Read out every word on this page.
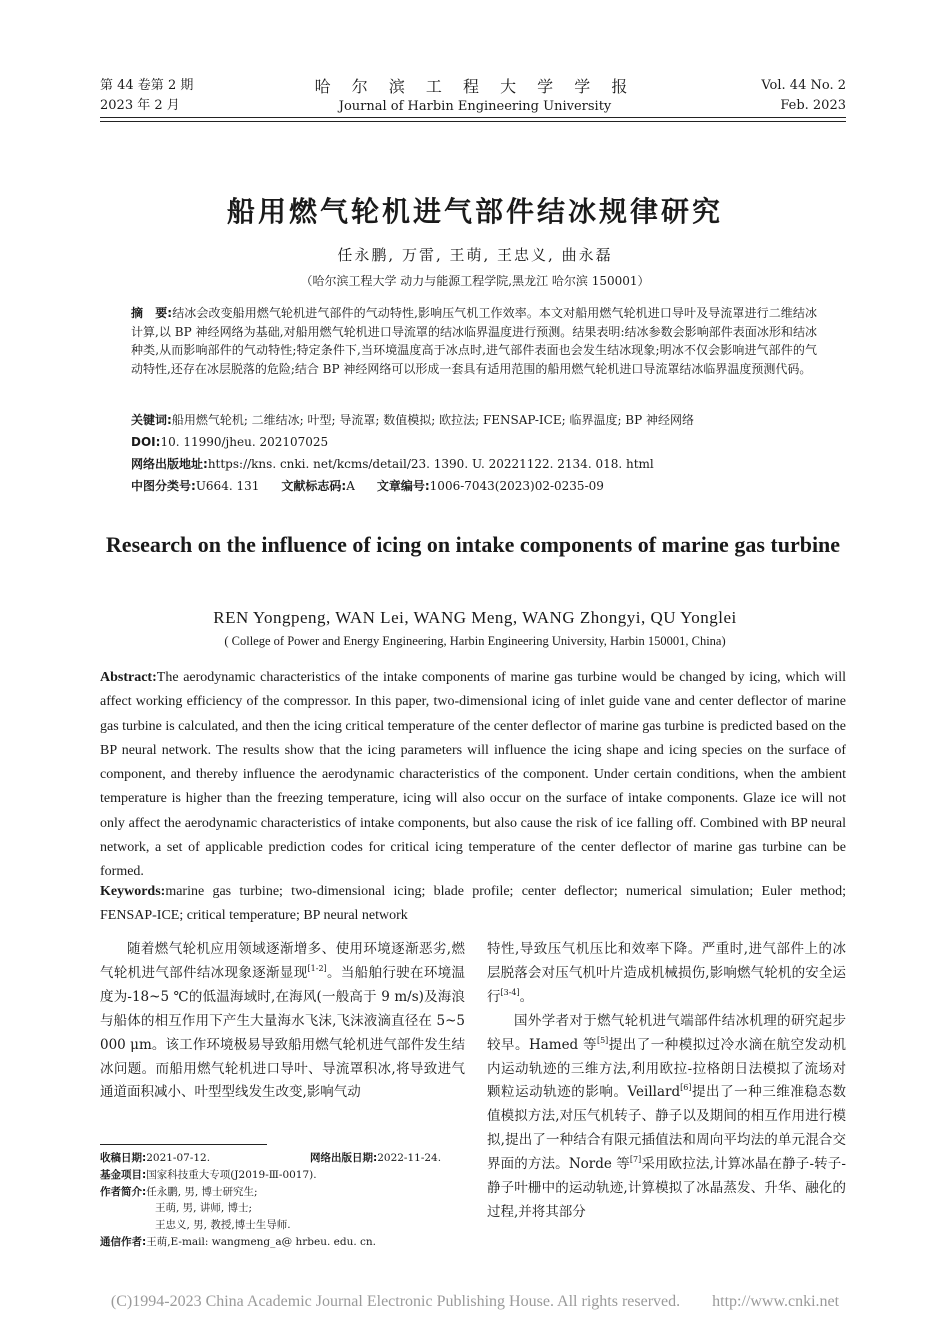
第 44 卷第 2 期
2023 年 2 月
哈 尔 滨 工 程 大 学 学 报
Journal of Harbin Engineering University
Vol. 44 No. 2
Feb. 2023
船用燃气轮机进气部件结冰规律研究
任永鹏, 万雷, 王萌, 王忠义, 曲永磊
（哈尔滨工程大学 动力与能源工程学院,黑龙江 哈尔滨 150001）
摘　要:结冰会改变船用燃气轮机进气部件的气动特性,影响压气机工作效率。本文对船用燃气轮机进口导叶及导流罩进行二维结冰计算,以 BP 神经网络为基础,对船用燃气轮机进口导流罩的结冰临界温度进行预测。结果表明:结冰参数会影响部件表面冰形和结冰种类,从而影响部件的气动特性;特定条件下,当环境温度高于冰点时,进气部件表面也会发生结冰现象;明冰不仅会影响进气部件的气动特性,还存在冰层脱落的危险;结合 BP 神经网络可以形成一套具有适用范围的船用燃气轮机进口导流罩结冰临界温度预测代码。
关键词:船用燃气轮机; 二维结冰; 叶型; 导流罩; 数值模拟; 欧拉法; FENSAP-ICE; 临界温度; BP 神经网络
DOI:10. 11990/jheu. 202107025
网络出版地址:https://kns. cnki. net/kcms/detail/23. 1390. U. 20221122. 2134. 018. html
中图分类号:U664. 131 文献标志码:A 文章编号:1006-7043(2023)02-0235-09
Research on the influence of icing on intake components of marine gas turbine
REN Yongpeng, WAN Lei, WANG Meng, WANG Zhongyi, QU Yonglei
( College of Power and Energy Engineering, Harbin Engineering University, Harbin 150001, China)
Abstract:The aerodynamic characteristics of the intake components of marine gas turbine would be changed by icing, which will affect working efficiency of the compressor. In this paper, two-dimensional icing of inlet guide vane and center deflector of marine gas turbine is calculated, and then the icing critical temperature of the center deflector of marine gas turbine is predicted based on the BP neural network. The results show that the icing parameters will influence the icing shape and icing species on the surface of component, and thereby influence the aerodynamic characteristics of the component. Under certain conditions, when the ambient temperature is higher than the freezing temperature, icing will also occur on the surface of intake components. Glaze ice will not only affect the aerodynamic characteristics of intake components, but also cause the risk of ice falling off. Combined with BP neural network, a set of applicable prediction codes for critical icing temperature of the center deflector of marine gas turbine can be formed.
Keywords:marine gas turbine; two-dimensional icing; blade profile; center deflector; numerical simulation; Euler method; FENSAP-ICE; critical temperature; BP neural network
随着燃气轮机应用领域逐渐增多、使用环境逐渐恶劣,燃气轮机进气部件结冰现象逐渐显现[1-2]。当船舶行驶在环境温度为-18~5 ℃的低温海域时,在海风(一般高于 9 m/s)及海浪与船体的相互作用下产生大量海水飞沫,飞沫液滴直径在 5~5 000 μm。该工作环境极易导致船用燃气轮机进气部件发生结冰问题。而船用燃气轮机进口导叶、导流罩积冰,将导致进气通道面积减小、叶型型线发生改变,影响气动

特性,导致压气机压比和效率下降。严重时,进气部件上的冰层脱落会对压气机叶片造成机械损伤,影响燃气轮机的安全运行[3-4]。

国外学者对于燃气轮机进气端部件结冰机理的研究起步较早。Hamed 等[5]提出了一种模拟过冷水滴在航空发动机内运动轨迹的三维方法,利用欧拉-拉格朗日法模拟了流场对颗粒运动轨迹的影响。Veillard[6]提出了一种三维准稳态数值模拟方法,对压气机转子、静子以及期间的相互作用进行模拟,提出了一种结合有限元插值法和周向平均法的单元混合交界面的方法。Norde 等[7]采用欧拉法,计算冰晶在静子-转子-静子叶栅中的运动轨迹,计算模拟了冰晶蒸发、升华、融化的过程,并将其部分

收稿日期:2021-07-12.	网络出版日期:2022-11-24.
基金项目:国家科技重大专项(J2019-Ⅲ-0017).
作者简介:任永鹏, 男, 博士研究生;
王萌, 男, 讲师, 博士;
王忠义, 男, 教授,博士生导师.
通信作者:王萌,E-mail: wangmeng_a@ hrbeu. edu. cn.
(C)1994-2023 China Academic Journal Electronic Publishing House. All rights reserved.　　http://www.cnki.net
